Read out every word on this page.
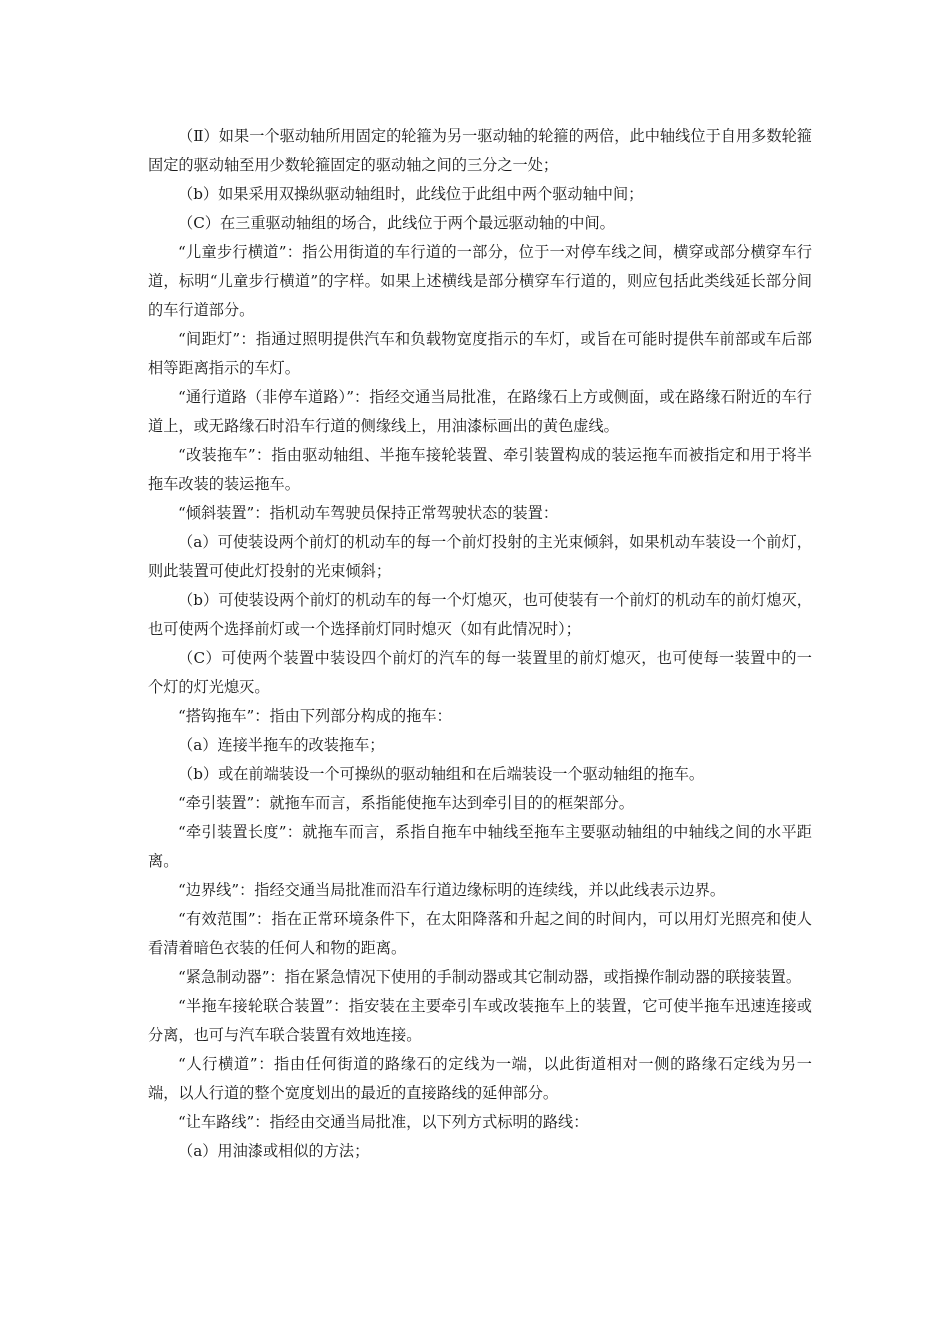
（Ⅱ）如果一个驱动轴所用固定的轮箍为另一驱动轴的轮箍的两倍，此中轴线位于自用多数轮箍固定的驱动轴至用少数轮箍固定的驱动轴之间的三分之一处；

（b）如果采用双操纵驱动轴组时，此线位于此组中两个驱动轴中间；

（C）在三重驱动轴组的场合，此线位于两个最远驱动轴的中间。

“儿童步行横道”：指公用街道的车行道的一部分，位于一对停车线之间，横穿或部分横穿车行道，标明“儿童步行横道”的字样。如果上述横线是部分横穿车行道的，则应包括此类线延长部分间的车行道部分。

“间距灯”：指通过照明提供汽车和负载物宽度指示的车灯，或旨在可能时提供车前部或车后部相等距离指示的车灯。

“通行道路（非停车道路）”：指经交通当局批准，在路缘石上方或侧面，或在路缘石附近的车行道上，或无路缘石时沿车行道的侧缘线上，用油漆标画出的黄色虚线。

“改装拖车”：指由驱动轴组、半拖车接轮装置、牵引装置构成的装运拖车而被指定和用于将半拖车改装的装运拖车。

“倾斜装置”：指机动车驾驶员保持正常驾驶状态的装置：

（a）可使装设两个前灯的机动车的每一个前灯投射的主光束倾斜，如果机动车装设一个前灯，则此装置可使此灯投射的光束倾斜；

（b）可使装设两个前灯的机动车的每一个灯熄灭，也可使装有一个前灯的机动车的前灯熄灭，也可使两个选择前灯或一个选择前灯同时熄灭（如有此情况时）；

（C）可使两个装置中装设四个前灯的汽车的每一装置里的前灯熄灭，也可使每一装置中的一个灯的灯光熄灭。

“搭钩拖车”：指由下列部分构成的拖车：

（a）连接半拖车的改装拖车；

（b）或在前端装设一个可操纵的驱动轴组和在后端装设一个驱动轴组的拖车。

“牵引装置”：就拖车而言，系指能使拖车达到牵引目的的框架部分。

“牵引装置长度”：就拖车而言，系指自拖车中轴线至拖车主要驱动轴组的中轴线之间的水平距离。

“边界线”：指经交通当局批准而沿车行道边缘标明的连续线，并以此线表示边界。

“有效范围”：指在正常环境条件下，在太阳降落和升起之间的时间内，可以用灯光照亮和使人看清着暗色衣装的任何人和物的距离。

“紧急制动器”：指在紧急情况下使用的手制动器或其它制动器，或指操作制动器的联接装置。

“半拖车接轮联合装置”：指安装在主要牵引车或改装拖车上的装置，它可使半拖车迅速连接或分离，也可与汽车联合装置有效地连接。

“人行横道”：指由任何街道的路缘石的定线为一端，以此街道相对一侧的路缘石定线为另一端，以人行道的整个宽度划出的最近的直接路线的延伸部分。

“让车路线”：指经由交通当局批准，以下列方式标明的路线：

（a）用油漆或相似的方法；
